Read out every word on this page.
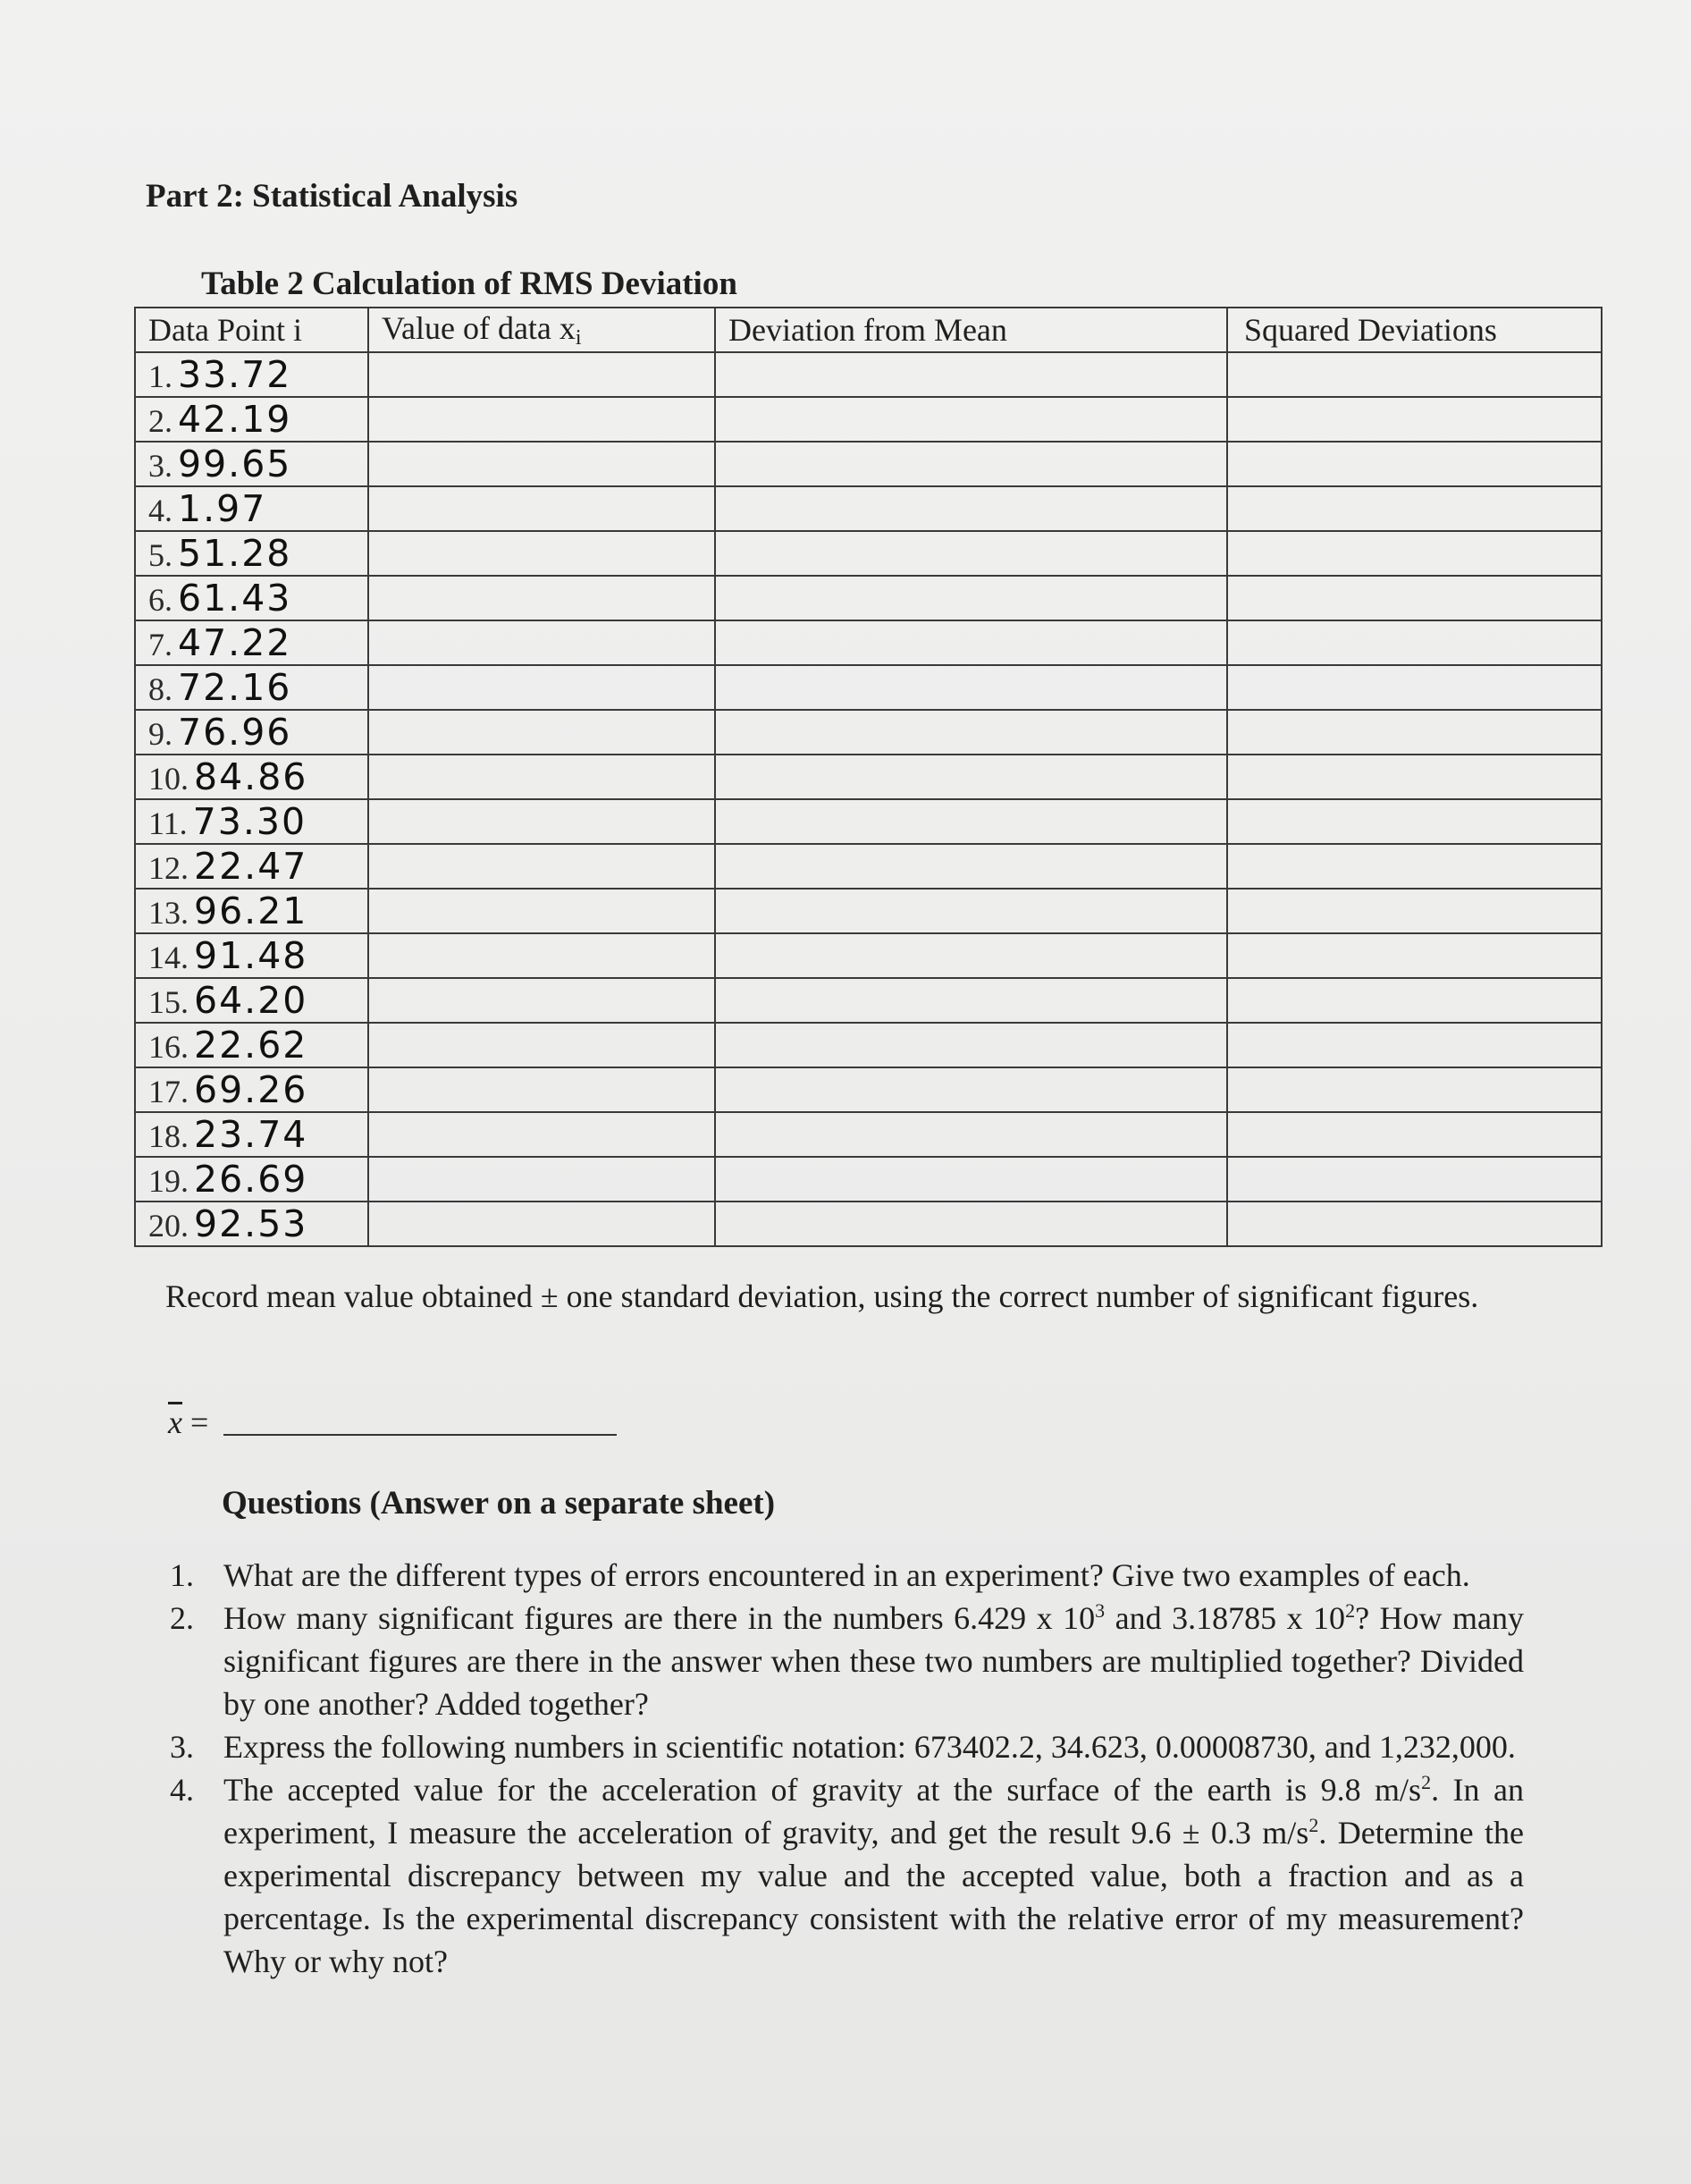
Part 2: Statistical Analysis
Table 2 Calculation of RMS Deviation
Data Point i	Value of data $x_i$	Deviation from Mean	Squared Deviations
1. 33.72			
2. 42.19			
3. 99.65			
4. 1.97			
5. 51.28			
6. 61.43			
7. 47.22			
8. 72.16			
9. 76.96			
10. 84.86			
11. 73.30			
12. 22.47			
13. 96.21			
14. 91.48			
15. 64.20			
16. 22.62			
17. 69.26			
18. 23.74			
19. 26.69			
20. 92.53			

Record mean value obtained ± one standard deviation, using the correct number of significant figures.

$\overline{x}$ =
Questions (Answer on a separate sheet)
1. What are the different types of errors encountered in an experiment? Give two examples of each.
2. How many significant figures are there in the numbers 6.429 x $10^3$ and 3.18785 x $10^2$? How many significant figures are there in the answer when these two numbers are multiplied together? Divided by one another? Added together?
3. Express the following numbers in scientific notation: 673402.2, 34.623, 0.00008730, and 1,232,000.
4. The accepted value for the acceleration of gravity at the surface of the earth is 9.8 $m/s^2$. In an experiment, I measure the acceleration of gravity, and get the result 9.6 ± 0.3 $m/s^2$. Determine the experimental discrepancy between my value and the accepted value, both a fraction and as a percentage. Is the experimental discrepancy consistent with the relative error of my measurement? Why or why not?
